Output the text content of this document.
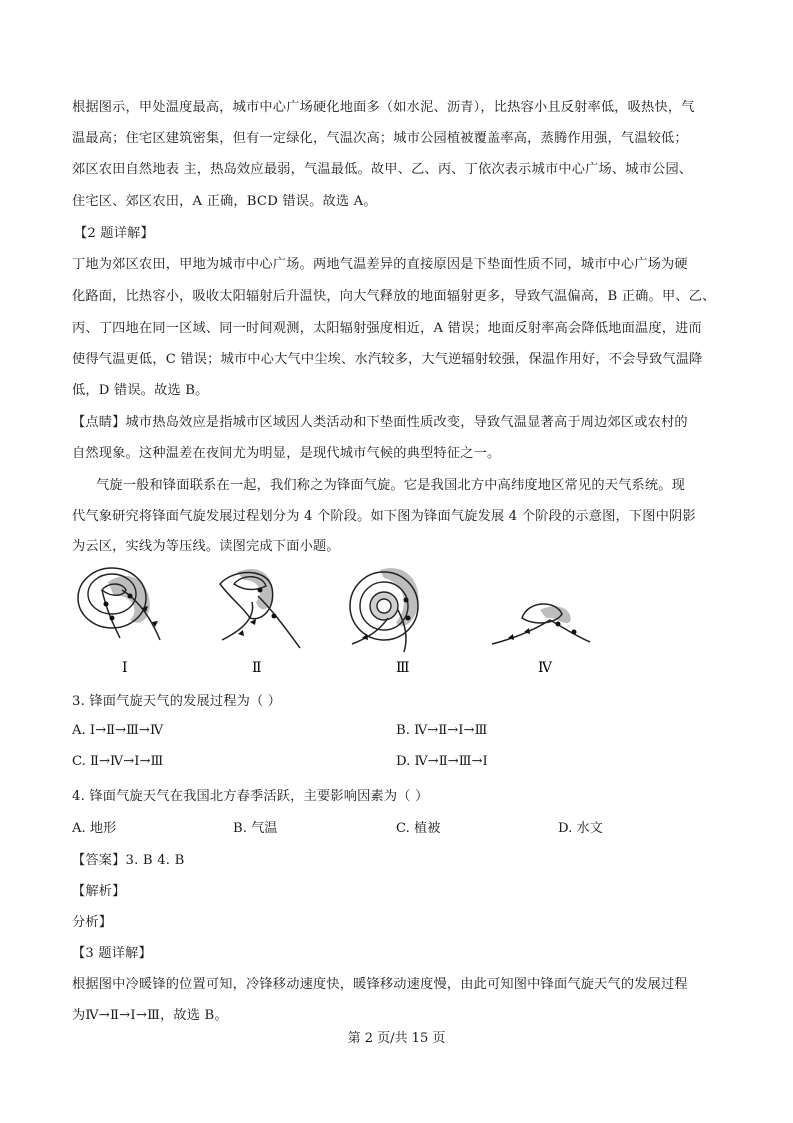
根据图示，甲处温度最高，城市中心广场硬化地面多（如水泥、沥青），比热容小且反射率低，吸热快，气
温最高；住宅区建筑密集，但有一定绿化，气温次高；城市公园植被覆盖率高，蒸腾作用强，气温较低；
郊区农田自然地表 主，热岛效应最弱，气温最低。故甲、乙、丙、丁依次表示城市中心广场、城市公园、
住宅区、郊区农田，A 正确，BCD 错误。故选 A。
【2 题详解】
丁地为郊区农田，甲地为城市中心广场。两地气温差异的直接原因是下垫面性质不同，城市中心广场为硬
化路面，比热容小，吸收太阳辐射后升温快，向大气释放的地面辐射更多，导致气温偏高，B 正确。甲、乙、
丙、丁四地在同一区域、同一时间观测，太阳辐射强度相近，A 错误；地面反射率高会降低地面温度，进而
使得气温更低，C 错误；城市中心大气中尘埃、水汽较多，大气逆辐射较强，保温作用好，不会导致气温降
低，D 错误。故选 B。
【点睛】城市热岛效应是指城市区域因人类活动和下垫面性质改变，导致气温显著高于周边郊区或农村的
自然现象。这种温差在夜间尤为明显，是现代城市气候的典型特征之一。
气旋一般和锋面联系在一起，我们称之为锋面气旋。它是我国北方中高纬度地区常见的天气系统。现
代气象研究将锋面气旋发展过程划分为 4 个阶段。如下图为锋面气旋发展 4 个阶段的示意图，下图中阴影
为云区，实线为等压线。读图完成下面小题。
Ⅰ	Ⅱ	Ⅲ	Ⅳ
3. 锋面气旋天气的发展过程为（ ）
A. Ⅰ→Ⅱ→Ⅲ→Ⅳ	B. Ⅳ→Ⅱ→Ⅰ→Ⅲ
C. Ⅱ→Ⅳ→Ⅰ→Ⅲ	D. Ⅳ→Ⅱ→Ⅲ→Ⅰ
4. 锋面气旋天气在我国北方春季活跃，主要影响因素为（ ）
A. 地形	B. 气温	C. 植被	D. 水文
【答案】3. B 4. B
【解析】
分析】
【3 题详解】
根据图中冷暖锋的位置可知，冷锋移动速度快，暖锋移动速度慢，由此可知图中锋面气旋天气的发展过程
为Ⅳ→Ⅱ→Ⅰ→Ⅲ，故选 B。
第 2 页/共 15 页
